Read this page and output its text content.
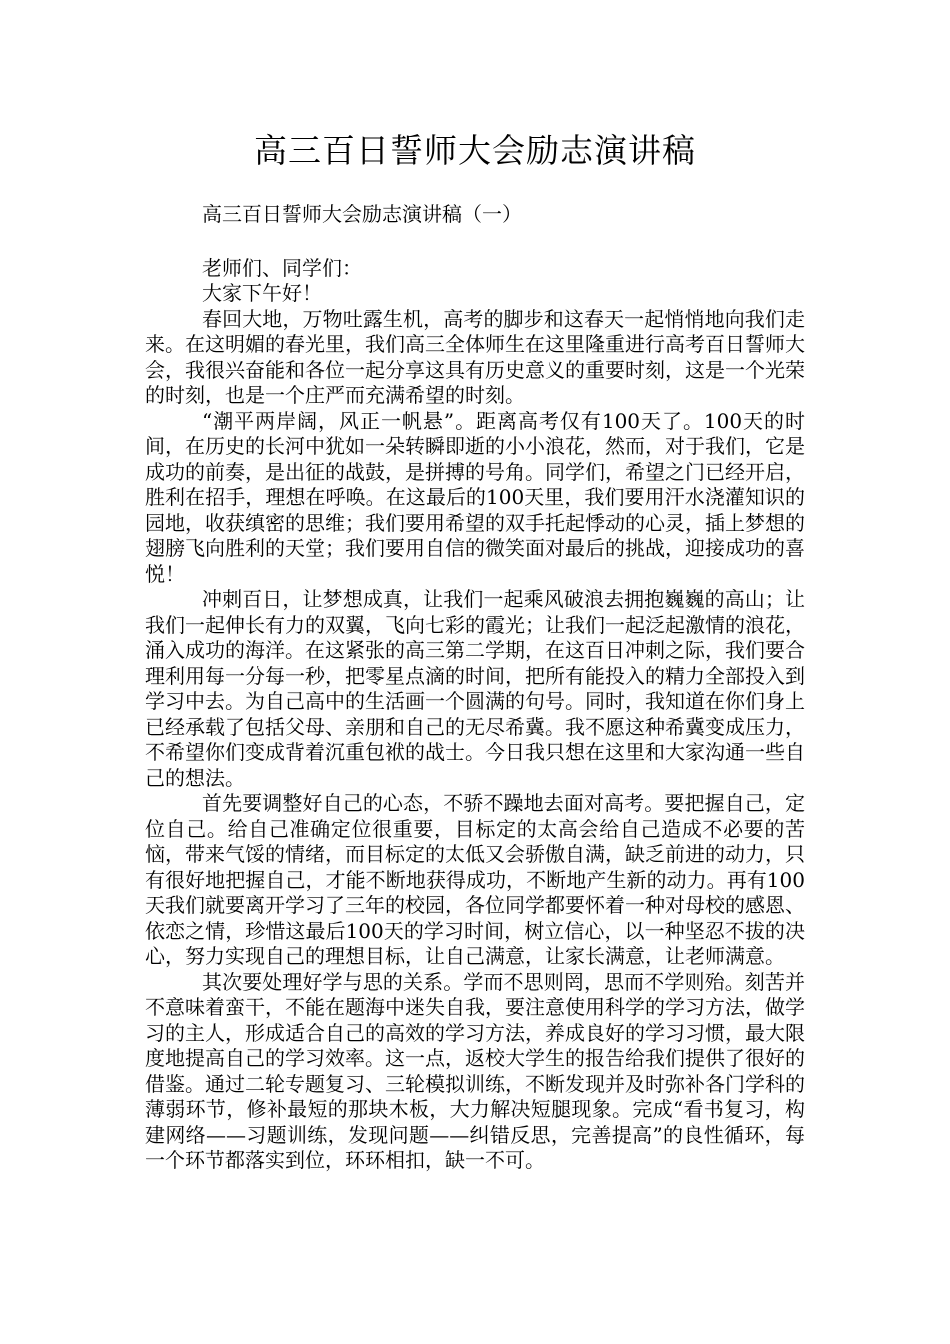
高三百日誓师大会励志演讲稿

高三百日誓师大会励志演讲稿（一）

老师们、同学们：

大家下午好！

春回大地，万物吐露生机，高考的脚步和这春天一起悄悄地向我们走来。在这明媚的春光里，我们高三全体师生在这里隆重进行高考百日誓师大会，我很兴奋能和各位一起分享这具有历史意义的重要时刻，这是一个光荣的时刻，也是一个庄严而充满希望的时刻。

“潮平两岸阔，风正一帆悬”。距离高考仅有100天了。100天的时间，在历史的长河中犹如一朵转瞬即逝的小小浪花，然而，对于我们，它是成功的前奏，是出征的战鼓，是拼搏的号角。同学们，希望之门已经开启，胜利在招手，理想在呼唤。在这最后的100天里，我们要用汗水浇灌知识的园地，收获缜密的思维；我们要用希望的双手托起悸动的心灵，插上梦想的翅膀飞向胜利的天堂；我们要用自信的微笑面对最后的挑战，迎接成功的喜悦！

冲刺百日，让梦想成真，让我们一起乘风破浪去拥抱巍巍的高山；让我们一起伸长有力的双翼，飞向七彩的霞光；让我们一起泛起激情的浪花，涌入成功的海洋。在这紧张的高三第二学期，在这百日冲刺之际，我们要合理利用每一分每一秒，把零星点滴的时间，把所有能投入的精力全部投入到学习中去。为自己高中的生活画一个圆满的句号。同时，我知道在你们身上已经承载了包括父母、亲朋和自己的无尽希冀。我不愿这种希冀变成压力，不希望你们变成背着沉重包袱的战士。今日我只想在这里和大家沟通一些自己的想法。

首先要调整好自己的心态，不骄不躁地去面对高考。要把握自己，定位自己。给自己准确定位很重要，目标定的太高会给自己造成不必要的苦恼，带来气馁的情绪，而目标定的太低又会骄傲自满，缺乏前进的动力，只有很好地把握自己，才能不断地获得成功，不断地产生新的动力。再有100天我们就要离开学习了三年的校园，各位同学都要怀着一种对母校的感恩、依恋之情，珍惜这最后100天的学习时间，树立信心，以一种坚忍不拔的决心，努力实现自己的理想目标，让自己满意，让家长满意，让老师满意。

其次要处理好学与思的关系。学而不思则罔，思而不学则殆。刻苦并不意味着蛮干，不能在题海中迷失自我，要注意使用科学的学习方法，做学习的主人，形成适合自己的高效的学习方法，养成良好的学习习惯，最大限度地提高自己的学习效率。这一点，返校大学生的报告给我们提供了很好的借鉴。通过二轮专题复习、三轮模拟训练，不断发现并及时弥补各门学科的薄弱环节，修补最短的那块木板，大力解决短腿现象。完成“看书复习，构建网络——习题训练，发现问题——纠错反思，完善提高”的良性循环，每一个环节都落实到位，环环相扣，缺一不可。
